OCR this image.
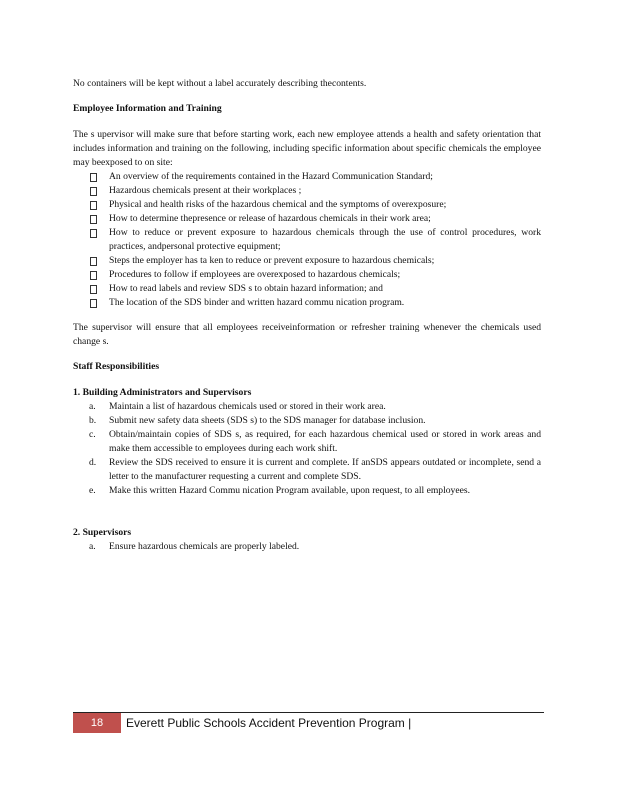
No containers will be kept without a label accurately describing thecontents.

Employee Information and Training

The s upervisor will make sure that before starting work, each new employee attends a health and safety orientation that includes information and training on the following, including specific information about specific chemicals the employee may beexposed to on site:

An overview of the requirements contained in the Hazard Communication Standard;
Hazardous chemicals present at their workplaces ;
Physical and health risks of the hazardous chemical and the symptoms of overexposure;
How to determine thepresence or release of hazardous chemicals in their work area;
How to reduce or prevent exposure to hazardous chemicals through the use of control procedures, work practices, andpersonal protective equipment;
Steps the employer has ta ken to reduce or prevent exposure to hazardous chemicals;
Procedures to follow if employees are overexposed to hazardous chemicals;
How to read labels and review SDS s to obtain hazard information; and
The location of the SDS binder and written hazard commu nication program.

The supervisor will ensure that all employees receiveinformation or refresher training whenever the chemicals used change s.

Staff Responsibilities
1. Building Administrators and Supervisors
a. Maintain a list of hazardous chemicals used or stored in their work area.
b. Submit new safety data sheets (SDS s) to the SDS manager for database inclusion.
c. Obtain/maintain copies of SDS s, as required, for each hazardous chemical used or stored in work areas and make them accessible to employees during each work shift.
d. Review the SDS received to ensure it is current and complete. If anSDS appears outdated or incomplete, send a letter to the manufacturer requesting a current and complete SDS.
e. Make this written Hazard Commu nication Program available, upon request, to all employees.
2. Supervisors
a. Ensure hazardous chemicals are properly labeled.
18	Everett Public Schools Accident Prevention Program |
